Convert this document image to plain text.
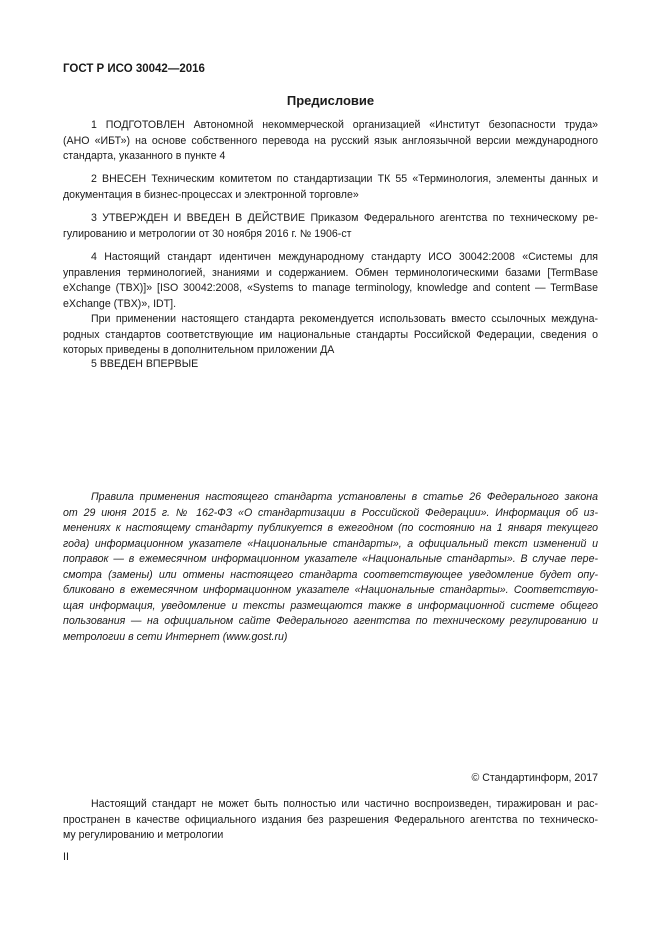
ГОСТ Р ИСО 30042—2016
Предисловие
1 ПОДГОТОВЛЕН Автономной некоммерческой организацией «Институт безопасности труда»
(АНО «ИБТ») на основе собственного перевода на русский язык англоязычной версии международного
стандарта, указанного в пункте 4
2 ВНЕСЕН Техническим комитетом по стандартизации ТК 55 «Терминология, элементы данных и
документация в бизнес-процессах и электронной торговле»
3 УТВЕРЖДЕН И ВВЕДЕН В ДЕЙСТВИЕ Приказом Федерального агентства по техническому ре-
гулированию и метрологии от 30 ноября 2016 г. № 1906-ст
4 Настоящий стандарт идентичен международному стандарту ИСО 30042:2008 «Системы для
управления терминологией, знаниями и содержанием. Обмен терминологическими базами [TermBase
eXchange (TBX)]» [ISO 30042:2008, «Systems to manage terminology, knowledge and content — TermBase
eXchange (TBX)», IDT].
При применении настоящего стандарта рекомендуется использовать вместо ссылочных междуна-
родных стандартов соответствующие им национальные стандарты Российской Федерации, сведения о
которых приведены в дополнительном приложении ДА
5 ВВЕДЕН ВПЕРВЫЕ
Правила применения настоящего стандарта установлены в статье 26 Федерального закона
от 29 июня 2015 г. № 162-ФЗ «О стандартизации в Российской Федерации». Информация об из-
менениях к настоящему стандарту публикуется в ежегодном (по состоянию на 1 января текущего
года) информационном указателе «Национальные стандарты», а официальный текст изменений и
поправок — в ежемесячном информационном указателе «Национальные стандарты». В случае пере-
смотра (замены) или отмены настоящего стандарта соответствующее уведомление будет опу-
бликовано в ежемесячном информационном указателе «Национальные стандарты». Соответствую-
щая информация, уведомление и тексты размещаются также в информационной системе общего
пользования — на официальном сайте Федерального агентства по техническому регулированию и
метрологии в сети Интернет (www.gost.ru)
© Стандартинформ, 2017
Настоящий стандарт не может быть полностью или частично воспроизведен, тиражирован и рас-
пространен в качестве официального издания без разрешения Федерального агентства по техническо-
му регулированию и метрологии
II
